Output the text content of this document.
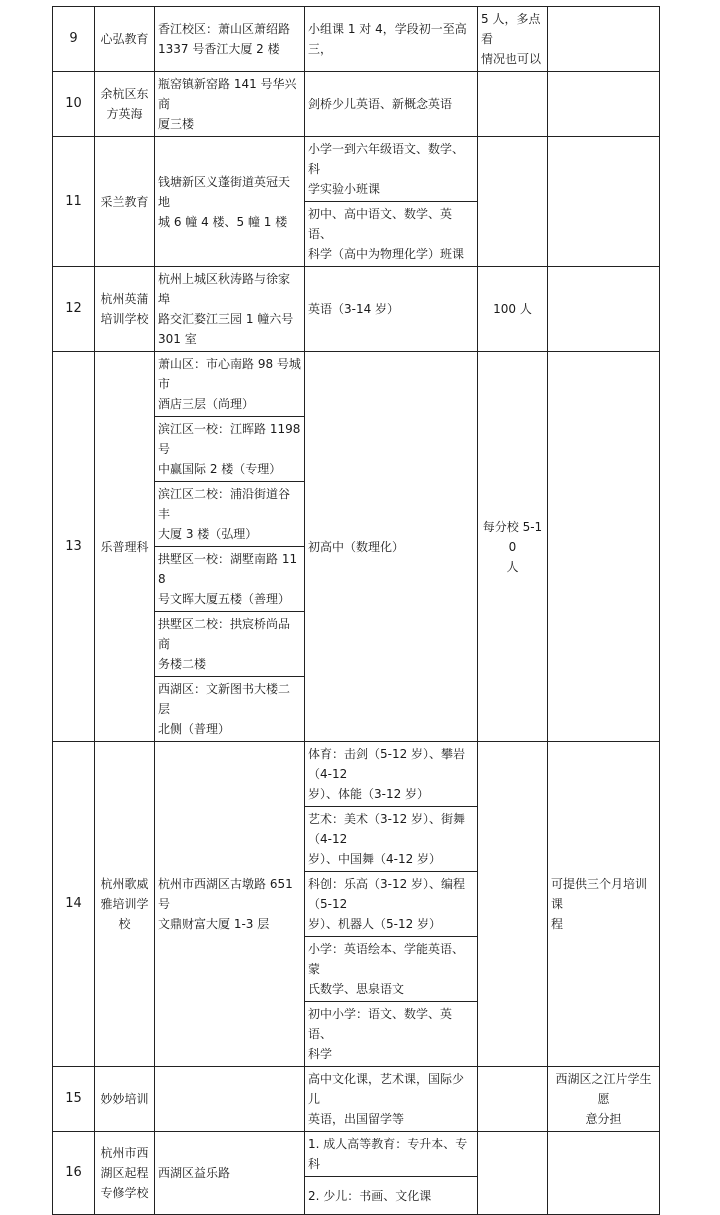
9	心弘教育	香江校区：萧山区萧绍路
1337 号香江大厦 2 楼	小组课 1 对 4，学段初一至高三，	5 人，多点看
情况也可以	

10	余杭区东
方英海	瓶窑镇新窑路 141 号华兴商
厦三楼	剑桥少儿英语、新概念英语		

11	采兰教育	钱塘新区义蓬街道英冠天地
城 6 幢 4 楼、5 幢 1 楼	小学一到六年级语文、数学、科
学实验小班课		

			初中、高中语文、数学、英语、
科学（高中为物理化学）班课		

12	杭州英蒲
培训学校	杭州上城区秋涛路与徐家埠
路交汇婺江三园 1 幢六号
301 室	英语（3-14 岁）	100 人	

13	乐普理科	萧山区：市心南路 98 号城市
酒店三层（尚理）	初高中（数理化）	每分校 5-10
人	

		滨江区一校：江晖路 1198 号
中赢国际 2 楼（专理）			

		滨江区二校：浦沿街道谷丰
大厦 3 楼（弘理）			

		拱墅区一校：湖墅南路 118
号文晖大厦五楼（善理）			

		拱墅区二校：拱宸桥尚品商
务楼二楼			

		西湖区：文新图书大楼二层
北侧（普理）			

14	杭州歌威
雅培训学
校	杭州市西湖区古墩路 651 号
文鼎财富大厦 1-3 层	体育：击剑（5-12 岁）、攀岩（4-12
岁）、体能（3-12 岁）		可提供三个月培训课
程

			艺术：美术（3-12 岁）、街舞（4-12
岁）、中国舞（4-12 岁）		

			科创：乐高（3-12 岁）、编程（5-12
岁）、机器人（5-12 岁）		

			小学：英语绘本、学能英语、蒙
氏数学、思泉语文		

			初中小学：语文、数学、英语、
科学		

15	妙妙培训		高中文化课，艺术课，国际少儿
英语，出国留学等		西湖区之江片学生愿
意分担

16	杭州市西
湖区起程
专修学校	西湖区益乐路	1. 成人高等教育：专升本、专科		

			2. 少儿：书画、文化课		
